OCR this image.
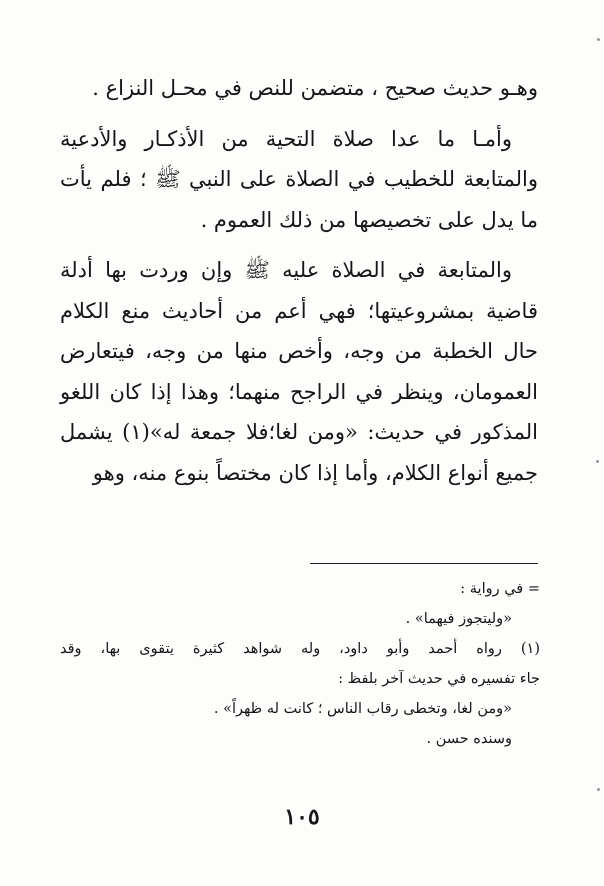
وهـو حديث صحيح ، متضمن للنص في محـل النزاع .

وأمـا ما عدا صلاة التحية من الأذكـار والأدعية والمتابعة للخطيب في الصلاة على النبي ﷺ ؛ فلم يأت ما يدل على تخصيصها من ذلك العموم .

والمتابعة في الصلاة عليه ﷺ وإن وردت بها أدلة قاضية بمشروعيتها؛ فهي أعم من أحاديث منع الكلام حال الخطبة من وجه، وأخص منها من وجه، فيتعارض العمومان، وينظر في الراجح منهما؛ وهذا إذا كان اللغو المذكور في حديث: «ومن لغا؛فلا جمعة له»(١) يشمل جميع أنواع الكلام، وأما إذا كان مختصاً بنوع منه، وهو

= في رواية :
«وليتجوز فيهما» .
(١) رواه أحمد وأبو داود، وله شواهد كثيرة يتقوى بها، وقد
جاء تفسيره في حديث آخر بلفظ :
«ومن لغا، وتخطى رقاب الناس ؛ كانت له ظهراً» .
وسنده حسن .
١٠٥
